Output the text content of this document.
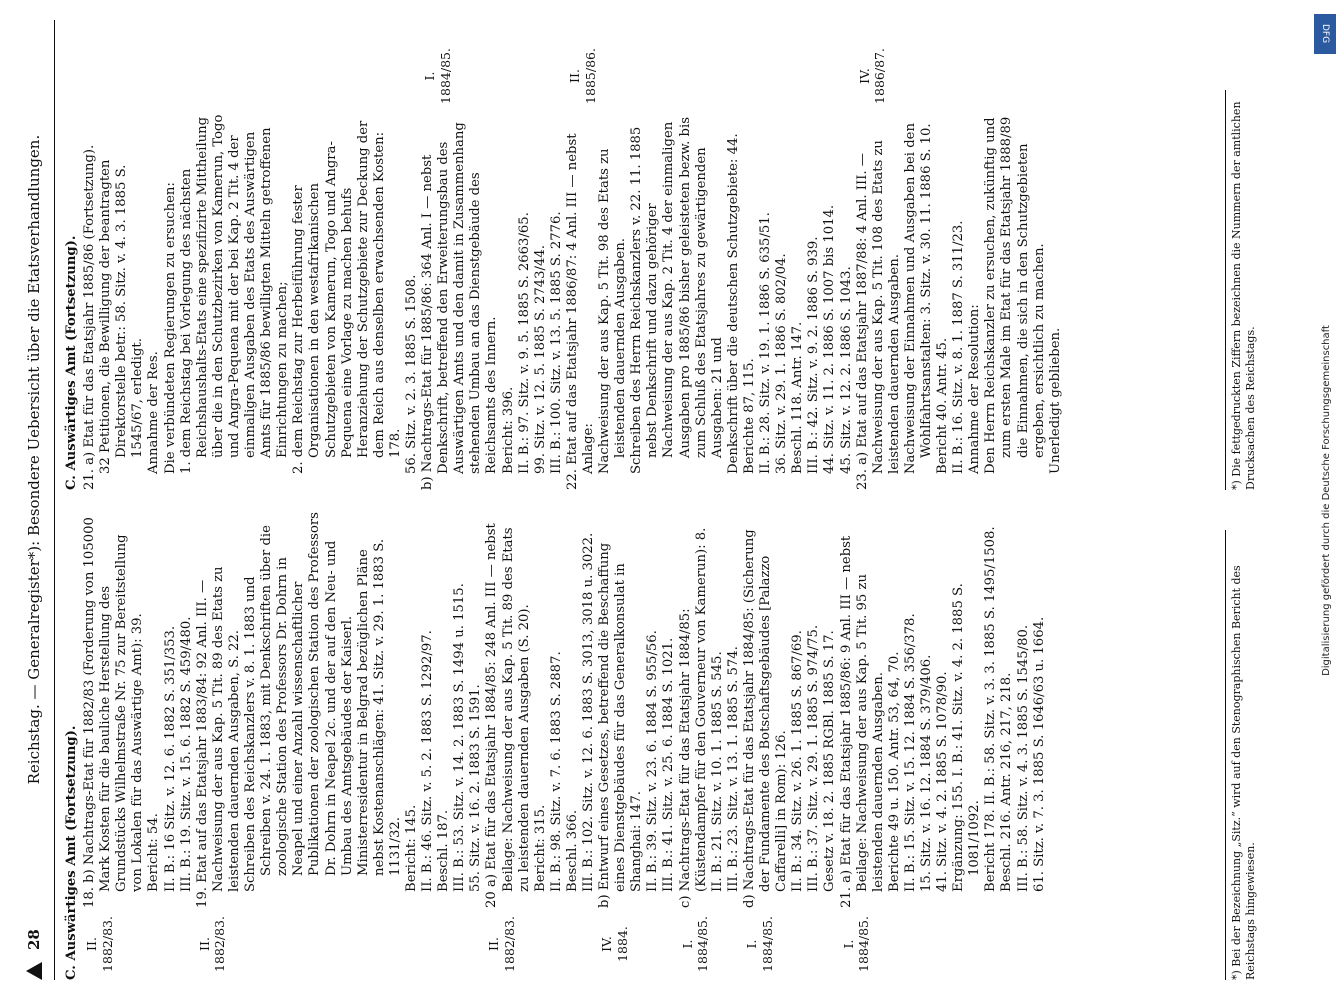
28
Reichstag. — Generalregister*): Besondere Uebersicht über die Etatsverhandlungen.
C. Auswärtiges Amt (Fortsetzung). II.
1882/83.

18. b) Nachtrags-Etat für 1882/83 (Forderung von 105000 Mark Kosten für die bauliche Herstellung des Grundstücks Wilhelmstraße Nr. 75 zur Bereitstellung von Lokalen für das Auswärtige Amt): 39. Bericht: 54. II. B.: 16 Sitz. v. 12. 6. 1882 S. 351/353. III. B.: 19. Sitz. v. 15. 6. 1882 S. 459/480.

II.
1882/83.

19. Etat auf das Etatsjahr 1883/84: 92 Anl. III. — Nachweisung der aus Kap. 5 Tit. 89 des Etats zu leistenden dauernden Ausgaben, S. 22. Schreiben des Reichskanzlers v. 8. 1. 1883 und Schreiben v. 24. 1. 1883, mit Denkschriften über die zoologische Station des Professors Dr. Dohrn in Neapel und einer Anzahl wissenschaftlicher Publikationen der zoologischen Station des Professors Dr. Dohrn in Neapel 2c. und der auf den Neu- und Umbau des Amtsgebäudes der Kaiserl. Ministerresidentur in Belgrad bezüglichen Pläne nebst Kostenanschlägen: 41. Sitz. v. 29. 1. 1883 S. 1131/32. Bericht: 145. II. B.: 46. Sitz. v. 5. 2. 1883 S. 1292/97. Beschl. 187. III. B.: 53. Sitz. v. 14. 2. 1883 S. 1494 u. 1515. 55. Sitz. v. 16. 2. 1883 S. 1591.

II.
1882/83.

20 a) Etat für das Etatsjahr 1884/85: 248 Anl. III — nebst Beilage: Nachweisung der aus Kap. 5 Tit. 89 des Etats zu leistenden dauernden Ausgaben (S. 20). Bericht: 315. II. B.: 98. Sitz. v. 7. 6. 1883 S. 2887. Beschl. 366. III. B.: 102. Sitz. v. 12. 6. 1883 S. 3013, 3018 u. 3022.

IV.
1884.

b) Entwurf eines Gesetzes, betreffend die Beschaffung eines Dienstgebäudes für das Generalkonsulat in Shanghai: 147. II. B.: 39. Sitz. v. 23. 6. 1884 S. 955/56. III. B.: 41. Sitz. v. 25. 6. 1884 S. 1021.

I.
1884/85.

c) Nachtrags-Etat für das Etatsjahr 1884/85: (Küstendampfer für den Gouverneur von Kamerun): 8. II. B.: 21. Sitz. v. 10. 1. 1885 S. 545. III. B.: 23. Sitz. v. 13. 1. 1885 S. 574.

I.
1884/85.

d) Nachtrags-Etat für das Etatsjahr 1884/85: (Sicherung der Fundamente des Botschaftsgebäudes [Palazzo Caffarelli] in Rom): 126. II. B.: 34. Sitz. v. 26. 1. 1885 S. 867/69. III. B.: 37. Sitz. v. 29. 1. 1885 S. 974/75. Gesetz v. 18. 2. 1885 RGBl. 1885 S. 17.

I.
1884/85.

21. a) Etat für das Etatsjahr 1885/86: 9 Anl. III — nebst Beilage: Nachweisung der aus Kap. 5 Tit. 95 zu leistenden dauernden Ausgaben. Berichte 49 u. 150. Antr. 53, 64, 70. II. B.: 15. Sitz. v. 15. 12. 1884 S. 356/378. 15. Sitz. v. 16. 12. 1884 S. 379/406. 41. Sitz. v. 4. 2. 1885 S. 1078/90. Ergänzung: 155. I. B.: 41. Sitz. v. 4. 2. 1885 S. 1081/1092. Bericht 178. II. B.: 58. Sitz. v. 3. 3. 1885 S. 1495/1508. Beschl. 216. Antr. 216, 217, 218. III. B.: 58. Sitz. v. 4. 3. 1885 S. 1545/80. 61. Sitz. v. 7. 3. 1885 S. 1646/63 u. 1664.

C. Auswärtiges Amt (Fortsetzung). 21. a) Etat für das Etatsjahr 1885/86 (Fortsetzung). 32 Petitionen, die Bewilligung der beantragten Direktorstelle betr.: 58. Sitz. v. 4. 3. 1885 S. 1545/67, erledigt. Annahme der Res. Die verbündeten Regierungen zu ersuchen: 1. dem Reichstag bei Vorlegung des nächsten Reichshaushalts-Etats eine spezifizirte Mittheilung über die in den Schutzbezirken von Kamerun, Togo und Angra-Pequena mit der bei Kap. 2 Tit. 4 der einmaligen Ausgaben des Etats des Auswärtigen Amts für 1885/86 bewilligten Mitteln getroffenen Einrichtungen zu machen; 2. dem Reichstag zur Herbeiführung fester Organisationen in den westafrikanischen Schutzgebieten von Kamerun, Togo und Angra-Pequena eine Vorlage zu machen behufs Heranziehung der Schutzgebiete zur Deckung der dem Reich aus denselben erwachsenden Kosten: 178. 56. Sitz. v. 2. 3. 1885 S. 1508. b) Nachtrags-Etat für 1885/86: 364 Anl. I — nebst Denkschrift, betreffend den Erweiterungsbau des Auswärtigen Amts und den damit in Zusammenhang stehenden Umbau an das Dienstgebäude des Reichsamts des Innern. Bericht: 396. II. B.: 97. Sitz. v. 9. 5. 1885 S. 2663/65. 99. Sitz. v. 12. 5. 1885 S. 2743/44. III. B.: 100. Sitz. v. 13. 5. 1885 S. 2776.

I.
1884/85.

22. Etat auf das Etatsjahr 1886/87: 4 Anl. III — nebst Anlage: Nachweisung der aus Kap. 5 Tit. 98 des Etats zu leistenden dauernden Ausgaben. Schreiben des Herrn Reichskanzlers v. 22. 11. 1885 nebst Denkschrift und dazu gehöriger Nachweisung der aus Kap. 2 Tit. 4 der einmaligen Ausgaben pro 1885/86 bisher geleisteten bezw. bis zum Schluß des Etatsjahres zu gewärtigenden Ausgaben: 21 und Denkschrift über die deutschen Schutzgebiete: 44. Berichte 87, 115. II. B.: 28. Sitz. v. 19. 1. 1886 S. 635/51. 36. Sitz. v. 29. 1. 1886 S. 802/04. Beschl. 118. Antr. 147. III. B.: 42. Sitz. v. 9. 2. 1886 S. 939. 44. Sitz. v. 11. 2. 1886 S. 1007 bis 1014. 45. Sitz. v. 12. 2. 1886 S. 1043.

II.
1885/86.

23. a) Etat auf das Etatsjahr 1887/88: 4 Anl. III. — Nachweisung der aus Kap. 5 Tit. 108 des Etats zu leistenden dauernden Ausgaben. Nachweisung der Einnahmen und Ausgaben bei den Wohlfahrtsanstalten: 3. Sitz. v. 30. 11. 1886 S. 10. Bericht 40. Antr. 45. II. B.: 16. Sitz. v. 8. 1. 1887 S. 311/23. Annahme der Resolution: Den Herrn Reichskanzler zu ersuchen, zukünftig und zum ersten Male im Etat für das Etatsjahr 1888/89 die Einnahmen, die sich in den Schutzgebieten ergeben, ersichtlich zu machen. Unerledigt geblieben.

IV.
1886/87.
*) Bei der Bezeichnung „Sitz.“ wird auf den Stenographischen Bericht des Reichstags hingewiesen.
*) Die fettgedruckten Ziffern bezeichnen die Nummern der amtlichen Drucksachen des Reichstags.
DFG
Digitalisierung gefördert durch die Deutsche Forschungsgemeinschaft
